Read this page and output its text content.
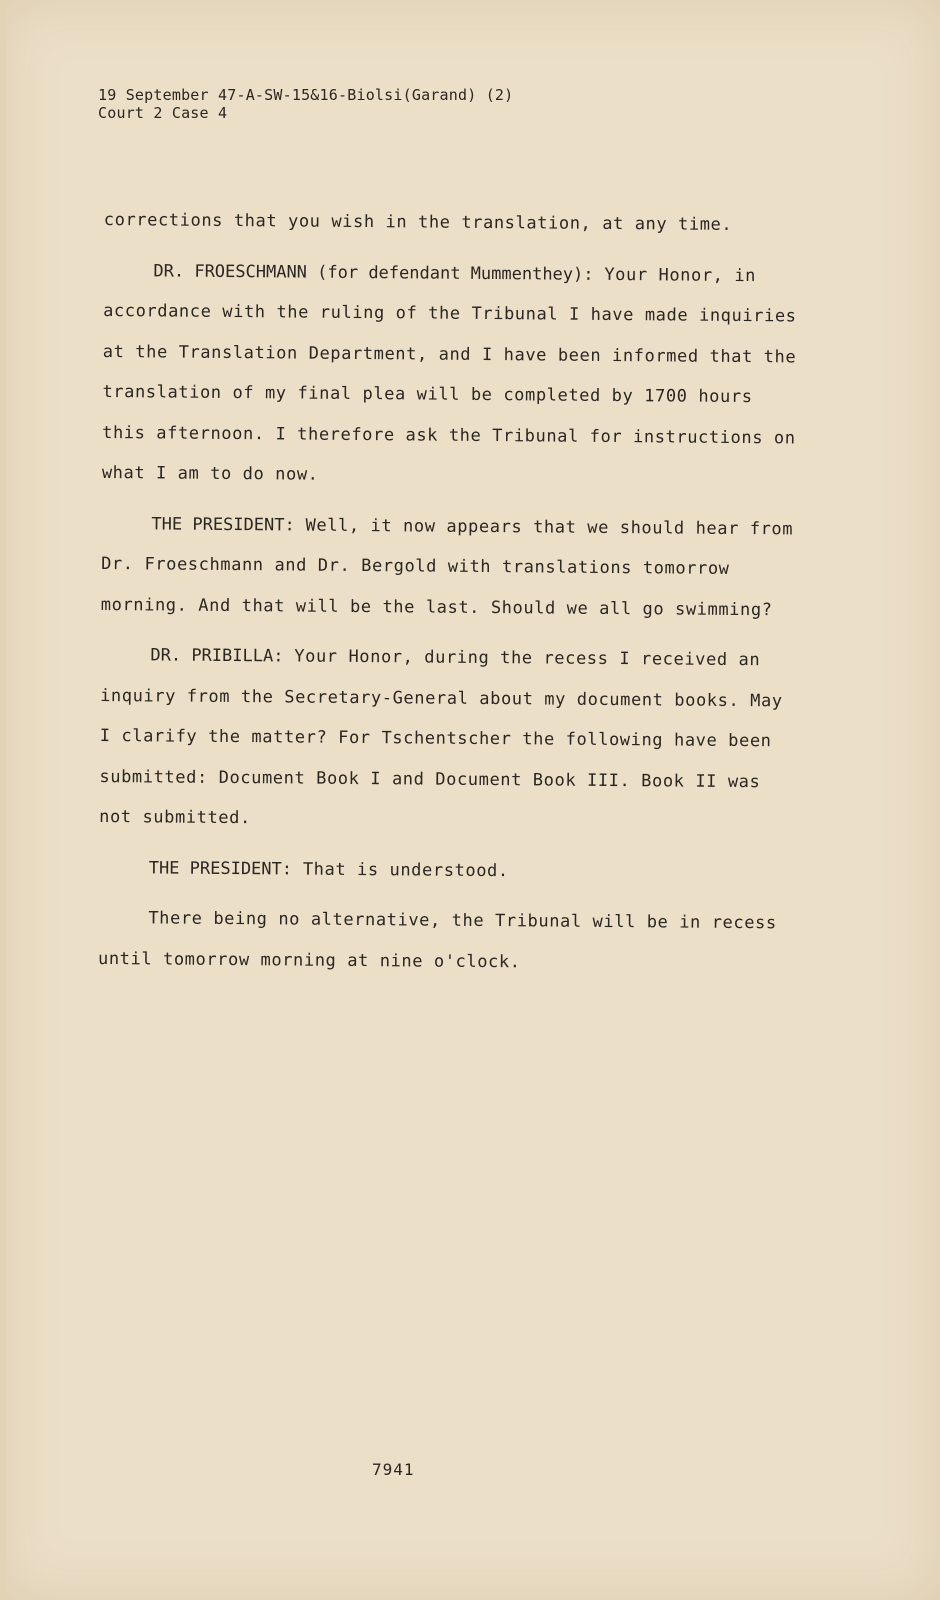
19 September 47-A-SW-15&16-Biolsi(Garand) (2)
Court 2 Case 4

corrections that you wish in the translation, at any time.

DR. FROESCHMANN (for defendant Mummenthey): Your Honor, in accordance with the ruling of the Tribunal I have made inquiries at the Translation Department, and I have been informed that the translation of my final plea will be completed by 1700 hours this afternoon. I therefore ask the Tribunal for instructions on what I am to do now.

THE PRESIDENT: Well, it now appears that we should hear from Dr. Froeschmann and Dr. Bergold with translations tomorrow morning. And that will be the last. Should we all go swimming?

DR. PRIBILLA: Your Honor, during the recess I received an inquiry from the Secretary-General about my document books. May I clarify the matter? For Tschentscher the following have been submitted: Document Book I and Document Book III. Book II was not submitted.

THE PRESIDENT: That is understood.

There being no alternative, the Tribunal will be in recess until tomorrow morning at nine o'clock.

7941
